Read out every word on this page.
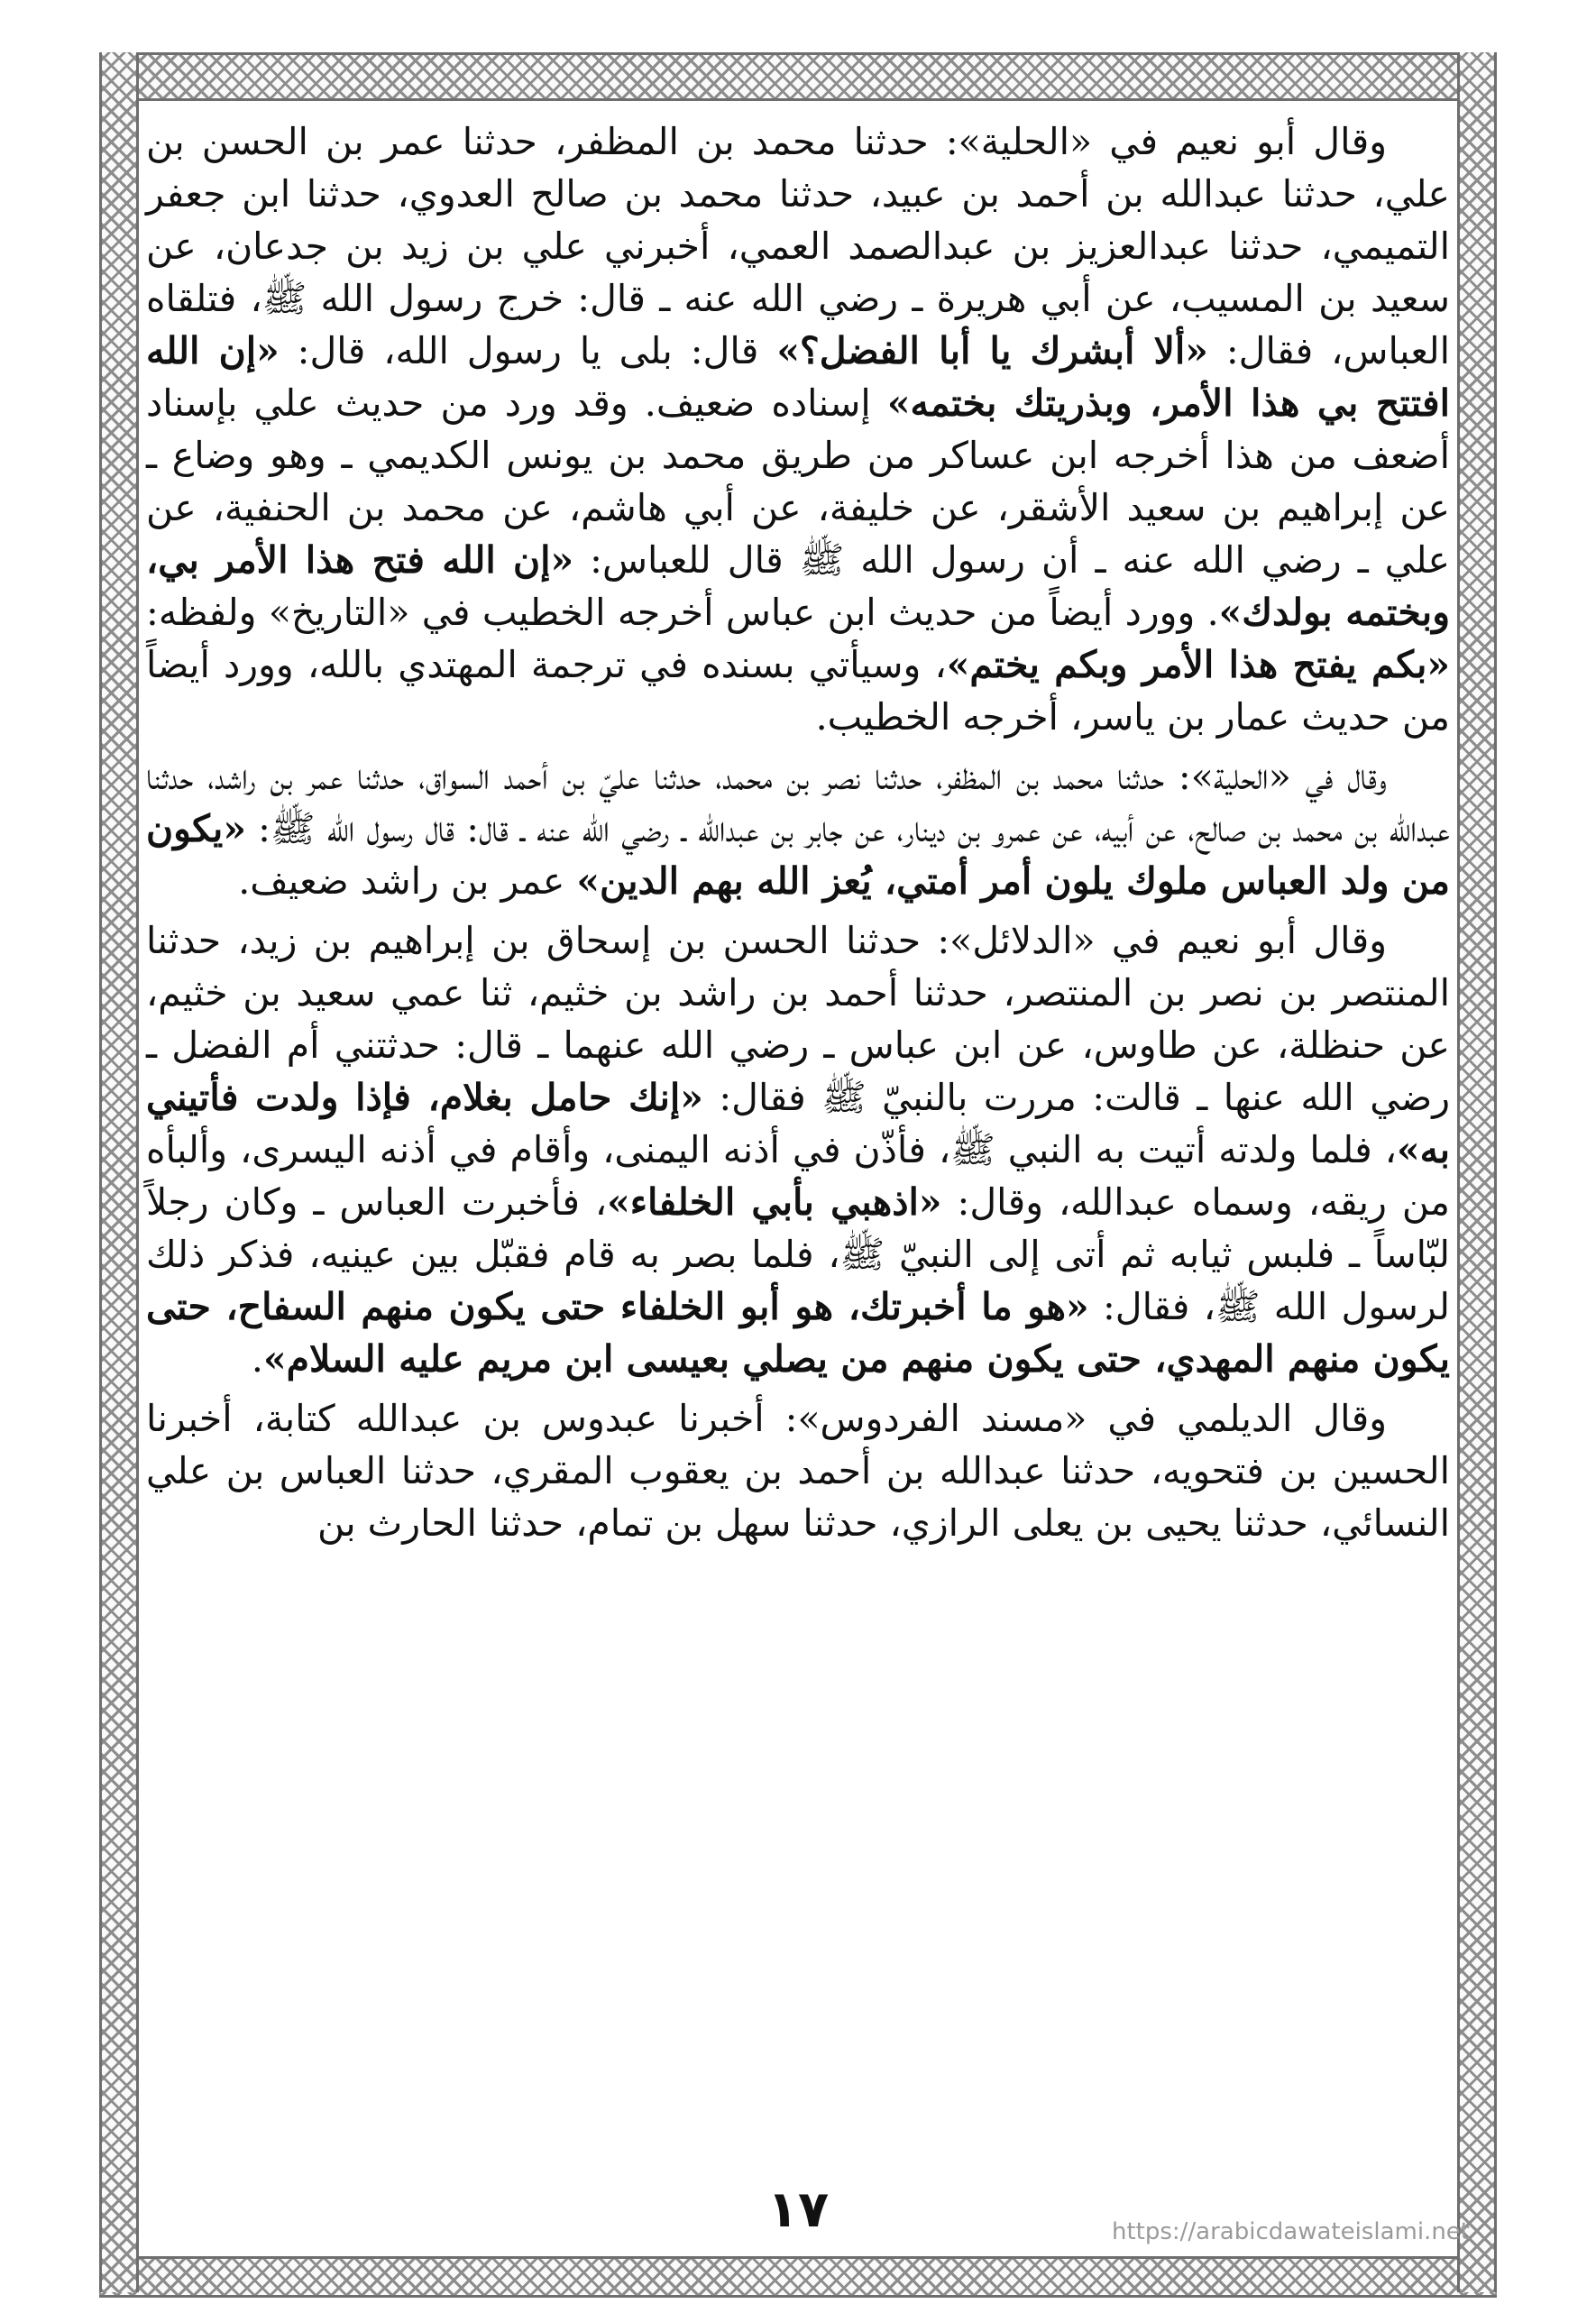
وقال أبو نعيم في «الحلية»: حدثنا محمد بن المظفر، حدثنا عمر بن الحسن بن علي، حدثنا عبدالله بن أحمد بن عبيد، حدثنا محمد بن صالح العدوي، حدثنا ابن جعفر التميمي، حدثنا عبدالعزيز بن عبدالصمد العمي، أخبرني علي بن زيد بن جدعان، عن سعيد بن المسيب، عن أبي هريرة ـ رضي الله عنه ـ قال: خرج رسول الله ﷺ، فتلقاه العباس، فقال: «ألا أبشرك يا أبا الفضل؟» قال: بلى يا رسول الله، قال: «إن الله افتتح بي هذا الأمر، وبذريتك بختمه» إسناده ضعيف. وقد ورد من حديث علي بإسناد أضعف من هذا أخرجه ابن عساكر من طريق محمد بن يونس الكديمي ـ وهو وضاع ـ عن إبراهيم بن سعيد الأشقر، عن خليفة، عن أبي هاشم، عن محمد بن الحنفية، عن علي ـ رضي الله عنه ـ أن رسول الله ﷺ قال للعباس: «إن الله فتح هذا الأمر بي، وبختمه بولدك». وورد أيضاً من حديث ابن عباس أخرجه الخطيب في «التاريخ» ولفظه: «بكم يفتح هذا الأمر وبكم يختم»، وسيأتي بسنده في ترجمة المهتدي بالله، وورد أيضاً من حديث عمار بن ياسر، أخرجه الخطيب.

وقال في «الحلية»: حدثنا محمد بن المظفر، حدثنا نصر بن محمد، حدثنا عليّ بن أحمد السواق، حدثنا عمر بن راشد، حدثنا عبدالله بن محمد بن صالح، عن أبيه، عن عمرو بن دينار، عن جابر بن عبدالله ـ رضي الله عنه ـ قال: قال رسول الله ﷺ: «يكون من ولد العباس ملوك يلون أمر أمتي، يُعز الله بهم الدين» عمر بن راشد ضعيف.

وقال أبو نعيم في «الدلائل»: حدثنا الحسن بن إسحاق بن إبراهيم بن زيد، حدثنا المنتصر بن نصر بن المنتصر، حدثنا أحمد بن راشد بن خثيم، ثنا عمي سعيد بن خثيم، عن حنظلة، عن طاوس، عن ابن عباس ـ رضي الله عنهما ـ قال: حدثتني أم الفضل ـ رضي الله عنها ـ قالت: مررت بالنبيّ ﷺ فقال: «إنك حامل بغلام، فإذا ولدت فأتيني به»، فلما ولدته أتيت به النبي ﷺ، فأذّن في أذنه اليمنى، وأقام في أذنه اليسرى، وألبأه من ريقه، وسماه عبدالله، وقال: «اذهبي بأبي الخلفاء»، فأخبرت العباس ـ وكان رجلاً لبّاساً ـ فلبس ثيابه ثم أتى إلى النبيّ ﷺ، فلما بصر به قام فقبّل بين عينيه، فذكر ذلك لرسول الله ﷺ، فقال: «هو ما أخبرتك، هو أبو الخلفاء حتى يكون منهم السفاح، حتى يكون منهم المهدي، حتى يكون منهم من يصلي بعيسى ابن مريم عليه السلام».

وقال الديلمي في «مسند الفردوس»: أخبرنا عبدوس بن عبدالله كتابة، أخبرنا الحسين بن فتحويه، حدثنا عبدالله بن أحمد بن يعقوب المقري، حدثنا العباس بن علي النسائي، حدثنا يحيى بن يعلى الرازي، حدثنا سهل بن تمام، حدثنا الحارث بن

١٧	https://arabicdawateislami.net
